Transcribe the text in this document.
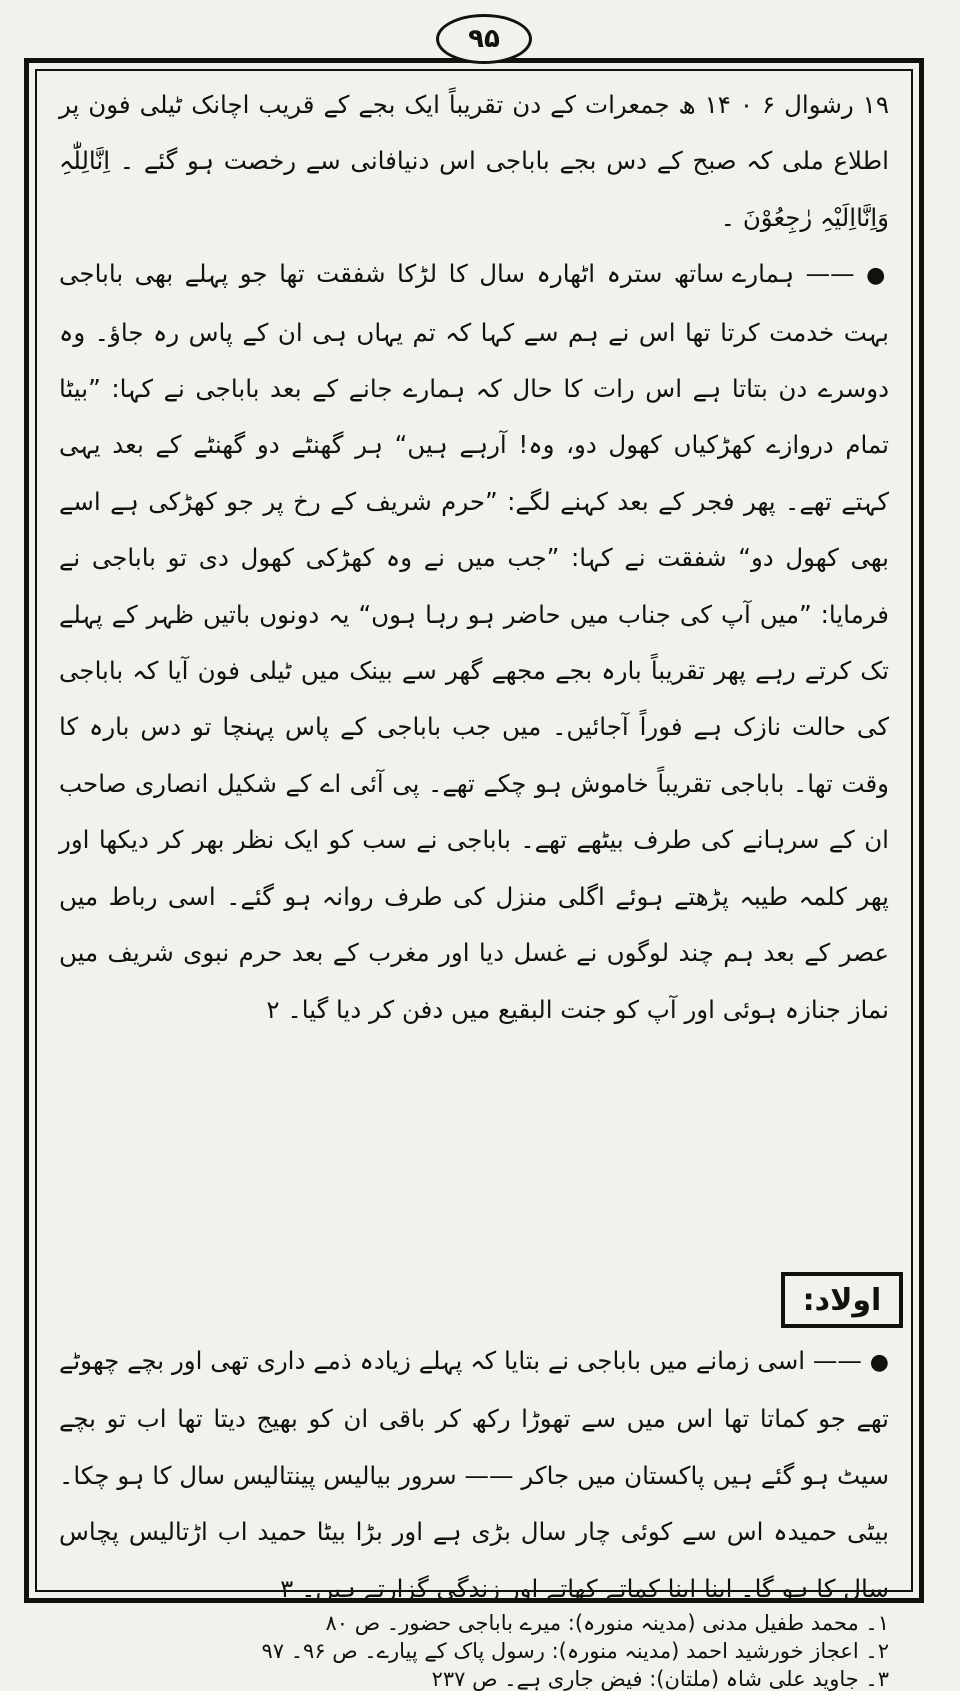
۹۵

۱۹ رشوال ۶ ۰ ۱۴ ھ جمعرات کے دن تقریباً ایک بجے کے قریب اچانک ٹیلی فون پر اطلاع ملی کہ صبح کے دس بجے باباجی اس دنیافانی سے رخصت ہو گئے ۔ اِنَّالِلّٰہِ وَاِنَّااِلَیْہِ رٰجِعُوْنَ ۔

● —— ہمارے ساتھ سترہ اٹھارہ سال کا لڑکا شفقت تھا جو پہلے بھی باباجی بہت خدمت کرتا تھا اس نے ہم سے کہا کہ تم یہاں ہی ان کے پاس رہ جاؤ۔ وہ دوسرے دن بتاتا ہے اس رات کا حال کہ ہمارے جانے کے بعد باباجی نے کہا: ”بیٹا تمام دروازے کھڑکیاں کھول دو، وہ! آرہے ہیں“ ہر گھنٹے دو گھنٹے کے بعد یہی کہتے تھے۔ پھر فجر کے بعد کہنے لگے: ”حرم شریف کے رخ پر جو کھڑکی ہے اسے بھی کھول دو“ شفقت نے کہا: ”جب میں نے وہ کھڑکی کھول دی تو باباجی نے فرمایا: ”میں آپ کی جناب میں حاضر ہو رہا ہوں“ یہ دونوں باتیں ظہر کے پہلے تک کرتے رہے پھر تقریباً بارہ بجے مجھے گھر سے بینک میں ٹیلی فون آیا کہ باباجی کی حالت نازک ہے فوراً آجائیں۔ میں جب باباجی کے پاس پہنچا تو دس بارہ کا وقت تھا۔ باباجی تقریباً خاموش ہو چکے تھے۔ پی آئی اے کے شکیل انصاری صاحب ان کے سرہانے کی طرف بیٹھے تھے۔ باباجی نے سب کو ایک نظر بھر کر دیکھا اور پھر کلمہ طیبہ پڑھتے ہوئے اگلی منزل کی طرف روانہ ہو گئے۔ اسی رباط میں عصر کے بعد ہم چند لوگوں نے غسل دیا اور مغرب کے بعد حرم نبوی شریف میں نماز جنازہ ہوئی اور آپ کو جنت البقیع میں دفن کر دیا گیا۔ ۲

اولاد:

● —— اسی زمانے میں باباجی نے بتایا کہ پہلے زیادہ ذمے داری تھی اور بچے چھوٹے تھے جو کماتا تھا اس میں سے تھوڑا رکھ کر باقی ان کو بھیج دیتا تھا اب تو بچے سیٹ ہو گئے ہیں پاکستان میں جاکر —— سرور بیالیس پینتالیس سال کا ہو چکا۔ بیٹی حمیدہ اس سے کوئی چار سال بڑی ہے اور بڑا بیٹا حمید اب اڑتالیس پچاس سال کا ہو گا۔ اپنا اپنا کماتے کھاتے اور زندگی گزارتے ہیں۔ ۳

۱۔ محمد طفیل مدنی (مدینہ منورہ): میرے باباجی حضور۔ ص ۸۰
۲۔ اعجاز خورشید احمد (مدینہ منورہ): رسول پاک کے پیارے۔ ص ۹۶۔ ۹۷
۳۔ جاوید علی شاہ (ملتان): فیض جاری ہے۔ ص ۲۳۷
